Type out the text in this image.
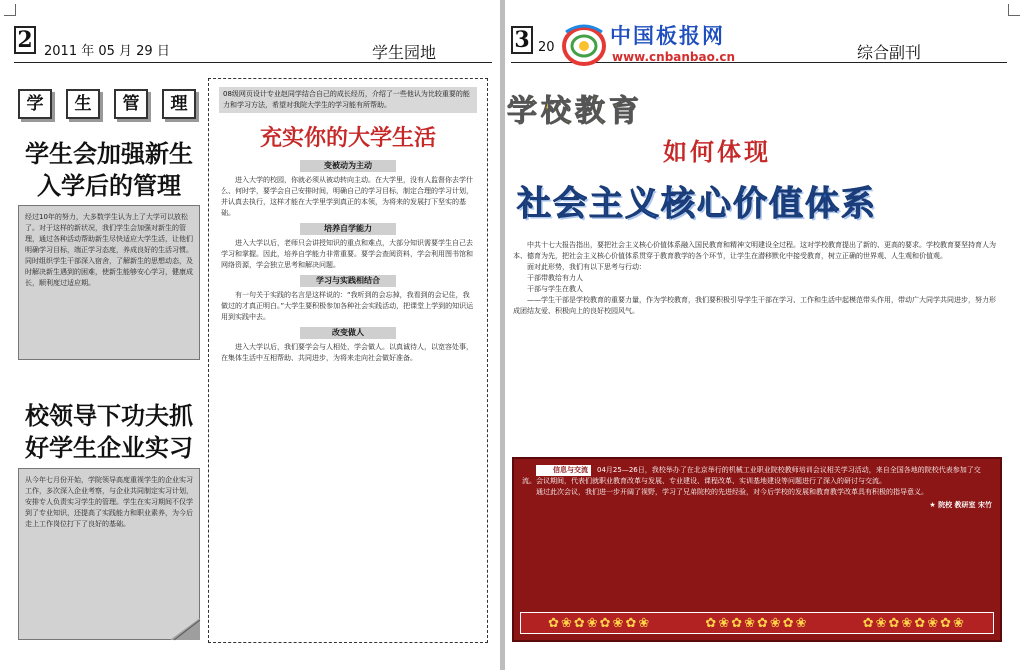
2 2011 年 05 月 29 日	学生园地
学	生	管	理
学生会加强新生
入学后的管理
经过10年的努力，大多数学生认为上了大学可以放松了。对于这样的新状况，我们学生会加强对新生的管理，通过各种活动帮助新生尽快适应大学生活，让他们明确学习目标，端正学习态度，养成良好的生活习惯。同时组织学生干部深入宿舍，了解新生的思想动态，及时解决新生遇到的困难，使新生能够安心学习，健康成长，顺利度过适应期。
校领导下功夫抓
好学生企业实习
从今年七月份开始，学院领导高度重视学生的企业实习工作，多次深入企业考察，与企业共同制定实习计划，安排专人负责实习学生的管理。学生在实习期间不仅学到了专业知识，还提高了实践能力和职业素养，为今后走上工作岗位打下了良好的基础。
08级网页设计专业赵同学结合自己的成长经历，介绍了一些他认为比较重要的能力和学习方法，希望对我院大学生的学习能有所帮助。
充实你的大学生活
变被动为主动

进入大学的校园，你就必须从被动转向主动。在大学里，没有人监督你去学什么、何时学，要学会自己安排时间，明确自己的学习目标，制定合理的学习计划，并认真去执行，这样才能在大学里学到真正的本领，为将来的发展打下坚实的基础。

培养自学能力

进入大学以后，老师只会讲授知识的重点和难点，大部分知识需要学生自己去学习和掌握。因此，培养自学能力非常重要。要学会查阅资料，学会利用图书馆和网络资源，学会独立思考和解决问题。

学习与实践相结合

有一句关于实践的名言是这样说的：“我听到的会忘掉，我看到的会记住，我做过的才真正明白。”大学生要积极参加各种社会实践活动，把课堂上学到的知识运用到实践中去。

改变做人

进入大学以后，我们要学会与人相处，学会做人。以真诚待人，以宽容处事，在集体生活中互相帮助、共同进步，为将来走向社会做好准备。

3 20	综合副刊
中国板报网
www.cnbanbao.cn
学校教育
如何体现
社会主义核心价值体系

中共十七大报告指出，要把社会主义核心价值体系融入国民教育和精神文明建设全过程。这对学校教育提出了新的、更高的要求。学校教育要坚持育人为本、德育为先，把社会主义核心价值体系贯穿于教育教学的各个环节，让学生在潜移默化中接受教育，树立正确的世界观、人生观和价值观。

面对此形势，我们有以下思考与行动：

干部带教给有力人

干部与学生在教人

——学生干部是学校教育的重要力量，作为学校教育，我们要积极引导学生干部在学习、工作和生活中起模范带头作用，带动广大同学共同进步，努力形成团结友爱、积极向上的良好校园风气。

信息与交流 04月25—26日，我校举办了在北京举行的机械工业职业院校教师培训会议相关学习活动，来自全国各地的院校代表参加了交流。会议期间，代表们就职业教育改革与发展、专业建设、课程改革、实训基地建设等问题进行了深入的研讨与交流。

通过此次会议，我们进一步开阔了视野，学习了兄弟院校的先进经验，对今后学校的发展和教育教学改革具有积极的指导意义。

★ 院校 教研室 宋竹
✿❀✿❀✿❀✿❀	✿❀✿❀✿❀✿❀	✿❀✿❀✿❀✿❀
